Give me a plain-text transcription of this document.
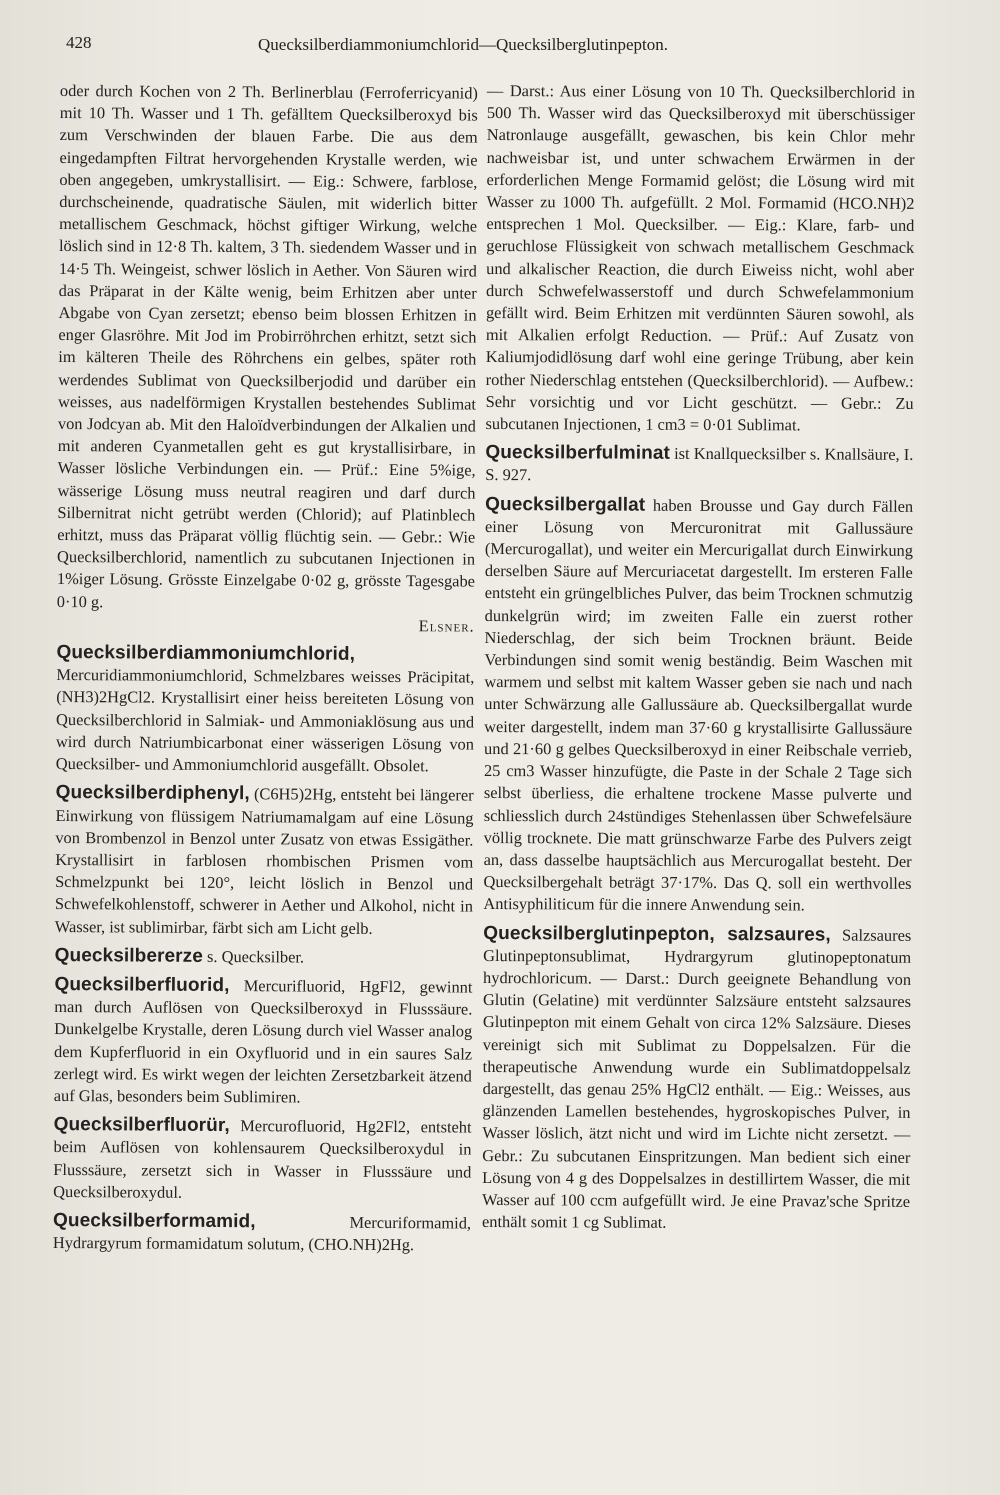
428	Quecksilberdiammoniumchlorid—Quecksilberglutinpepton.

oder durch Kochen von 2 Th. Berlinerblau (Ferroferricyanid) mit 10 Th. Wasser und 1 Th. gefälltem Quecksilberoxyd bis zum Verschwinden der blauen Farbe. Die aus dem eingedampften Filtrat hervorgehenden Krystalle werden, wie oben angegeben, umkrystallisirt. — Eig.: Schwere, farblose, durchscheinende, quadratische Säulen, mit widerlich bitter metallischem Geschmack, höchst giftiger Wirkung, welche löslich sind in 12·8 Th. kaltem, 3 Th. siedendem Wasser und in 14·5 Th. Weingeist, schwer löslich in Aether. Von Säuren wird das Präparat in der Kälte wenig, beim Erhitzen aber unter Abgabe von Cyan zersetzt; ebenso beim blossen Erhitzen in enger Glasröhre. Mit Jod im Probirröhrchen erhitzt, setzt sich im kälteren Theile des Röhrchens ein gelbes, später roth werdendes Sublimat von Quecksilberjodid und darüber ein weisses, aus nadelförmigen Krystallen bestehendes Sublimat von Jodcyan ab. Mit den Haloïdverbindungen der Alkalien und mit anderen Cyanmetallen geht es gut krystallisirbare, in Wasser lösliche Verbindungen ein. — Prüf.: Eine 5%ige, wässerige Lösung muss neutral reagiren und darf durch Silbernitrat nicht getrübt werden (Chlorid); auf Platinblech erhitzt, muss das Präparat völlig flüchtig sein. — Gebr.: Wie Quecksilberchlorid, namentlich zu subcutanen Injectionen in 1%iger Lösung. Grösste Einzelgabe 0·02 g, grösste Tagesgabe 0·10 g.

Elsner.

Quecksilberdiammoniumchlorid, Mercuridiammoniumchlorid, Schmelzbares weisses Präcipitat, (NH3)2HgCl2. Krystallisirt einer heiss bereiteten Lösung von Quecksilberchlorid in Salmiak- und Ammoniaklösung aus und wird durch Natriumbicarbonat einer wässerigen Lösung von Quecksilber- und Ammoniumchlorid ausgefällt. Obsolet.

Quecksilberdiphenyl, (C6H5)2Hg, entsteht bei längerer Einwirkung von flüssigem Natriumamalgam auf eine Lösung von Brombenzol in Benzol unter Zusatz von etwas Essigäther. Krystallisirt in farblosen rhombischen Prismen vom Schmelzpunkt bei 120°, leicht löslich in Benzol und Schwefelkohlenstoff, schwerer in Aether und Alkohol, nicht in Wasser, ist sublimirbar, färbt sich am Licht gelb.

Quecksilbererze s. Quecksilber.

Quecksilberfluorid, Mercurifluorid, HgFl2, gewinnt man durch Auflösen von Quecksilberoxyd in Flusssäure. Dunkelgelbe Krystalle, deren Lösung durch viel Wasser analog dem Kupferfluorid in ein Oxyfluorid und in ein saures Salz zerlegt wird. Es wirkt wegen der leichten Zersetzbarkeit ätzend auf Glas, besonders beim Sublimiren.

Quecksilberfluorür, Mercurofluorid, Hg2Fl2, entsteht beim Auflösen von kohlensaurem Quecksilberoxydul in Flusssäure, zersetzt sich in Wasser in Flusssäure und Quecksilberoxydul.

Quecksilberformamid,	Mercuriformamid, Hydrargyrum formamidatum solutum, (CHO.NH)2Hg.

— Darst.: Aus einer Lösung von 10 Th. Quecksilberchlorid in 500 Th. Wasser wird das Quecksilberoxyd mit überschüssiger Natronlauge ausgefällt, gewaschen, bis kein Chlor mehr nachweisbar ist, und unter schwachem Erwärmen in der erforderlichen Menge Formamid gelöst; die Lösung wird mit Wasser zu 1000 Th. aufgefüllt. 2 Mol. Formamid (HCO.NH)2 entsprechen 1 Mol. Quecksilber. — Eig.: Klare, farb- und geruchlose Flüssigkeit von schwach metallischem Geschmack und alkalischer Reaction, die durch Eiweiss nicht, wohl aber durch Schwefelwasserstoff und durch Schwefelammonium gefällt wird. Beim Erhitzen mit verdünnten Säuren sowohl, als mit Alkalien erfolgt Reduction. — Prüf.: Auf Zusatz von Kaliumjodidlösung darf wohl eine geringe Trübung, aber kein rother Niederschlag entstehen (Quecksilberchlorid). — Aufbew.: Sehr vorsichtig und vor Licht geschützt. — Gebr.: Zu subcutanen Injectionen, 1 cm3 = 0·01 Sublimat.

Quecksilberfulminat ist Knallquecksilber s. Knallsäure, I. S. 927.

Quecksilbergallat haben Brousse und Gay durch Fällen einer Lösung von Mercuronitrat mit Gallussäure (Mercurogallat), und weiter ein Mercurigallat durch Einwirkung derselben Säure auf Mercuriacetat dargestellt. Im ersteren Falle entsteht ein grüngelbliches Pulver, das beim Trocknen schmutzig dunkelgrün wird; im zweiten Falle ein zuerst rother Niederschlag, der sich beim Trocknen bräunt. Beide Verbindungen sind somit wenig beständig. Beim Waschen mit warmem und selbst mit kaltem Wasser geben sie nach und nach unter Schwärzung alle Gallussäure ab. Quecksilbergallat wurde weiter dargestellt, indem man 37·60 g krystallisirte Gallussäure und 21·60 g gelbes Quecksilberoxyd in einer Reibschale verrieb, 25 cm3 Wasser hinzufügte, die Paste in der Schale 2 Tage sich selbst überliess, die erhaltene trockene Masse pulverte und schliesslich durch 24stündiges Stehenlassen über Schwefelsäure völlig trocknete. Die matt grünschwarze Farbe des Pulvers zeigt an, dass dasselbe hauptsächlich aus Mercurogallat besteht. Der Quecksilbergehalt beträgt 37·17%. Das Q. soll ein werthvolles Antisyphiliticum für die innere Anwendung sein.

Quecksilberglutinpepton, salzsaures, Salzsaures Glutinpeptonsublimat, Hydrargyrum glutinopeptonatum hydrochloricum. — Darst.: Durch geeignete Behandlung von Glutin (Gelatine) mit verdünnter Salzsäure entsteht salzsaures Glutinpepton mit einem Gehalt von circa 12% Salzsäure. Dieses vereinigt sich mit Sublimat zu Doppelsalzen. Für die therapeutische Anwendung wurde ein Sublimatdoppelsalz dargestellt, das genau 25% HgCl2 enthält. — Eig.: Weisses, aus glänzenden Lamellen bestehendes, hygroskopisches Pulver, in Wasser löslich, ätzt nicht und wird im Lichte nicht zersetzt. — Gebr.: Zu subcutanen Einspritzungen. Man bedient sich einer Lösung von 4 g des Doppelsalzes in destillirtem Wasser, die mit Wasser auf 100 ccm aufgefüllt wird. Je eine Pravaz'sche Spritze enthält somit 1 cg Sublimat.
